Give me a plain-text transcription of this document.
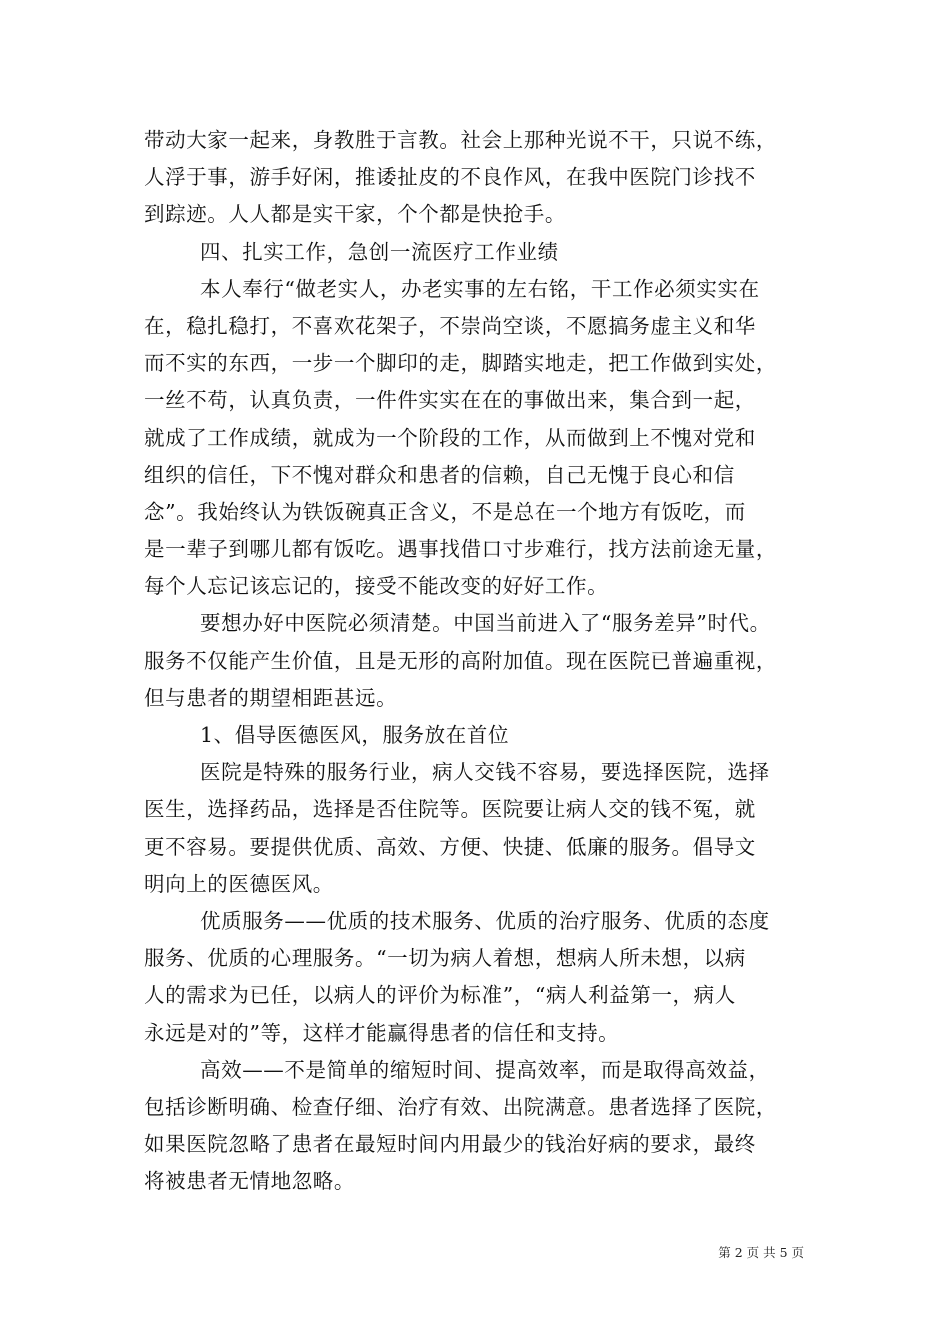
带动大家一起来，身教胜于言教。社会上那种光说不干，只说不练，
人浮于事，游手好闲，推诿扯皮的不良作风，在我中医院门诊找不
到踪迹。人人都是实干家，个个都是快抢手。
四、扎实工作，急创一流医疗工作业绩
本人奉行“做老实人，办老实事的左右铭，干工作必须实实在
在，稳扎稳打，不喜欢花架子，不崇尚空谈，不愿搞务虚主义和华
而不实的东西，一步一个脚印的走，脚踏实地走，把工作做到实处，
一丝不苟，认真负责，一件件实实在在的事做出来，集合到一起，
就成了工作成绩，就成为一个阶段的工作，从而做到上不愧对党和
组织的信任，下不愧对群众和患者的信赖，自己无愧于良心和信
念”。我始终认为铁饭碗真正含义，不是总在一个地方有饭吃，而
是一辈子到哪儿都有饭吃。遇事找借口寸步难行，找方法前途无量，
每个人忘记该忘记的，接受不能改变的好好工作。
要想办好中医院必须清楚。中国当前进入了“服务差异”时代。
服务不仅能产生价值，且是无形的高附加值。现在医院已普遍重视，
但与患者的期望相距甚远。
1、倡导医德医风，服务放在首位
医院是特殊的服务行业，病人交钱不容易，要选择医院，选择
医生，选择药品，选择是否住院等。医院要让病人交的钱不冤，就
更不容易。要提供优质、高效、方便、快捷、低廉的服务。倡导文
明向上的医德医风。
优质服务——优质的技术服务、优质的治疗服务、优质的态度
服务、优质的心理服务。“一切为病人着想，想病人所未想，以病
人的需求为已任，以病人的评价为标准”，“病人利益第一，病人
永远是对的”等，这样才能赢得患者的信任和支持。
高效——不是简单的缩短时间、提高效率，而是取得高效益，
包括诊断明确、检查仔细、治疗有效、出院满意。患者选择了医院，
如果医院忽略了患者在最短时间内用最少的钱治好病的要求，最终
将被患者无情地忽略。
第 2 页 共 5 页
